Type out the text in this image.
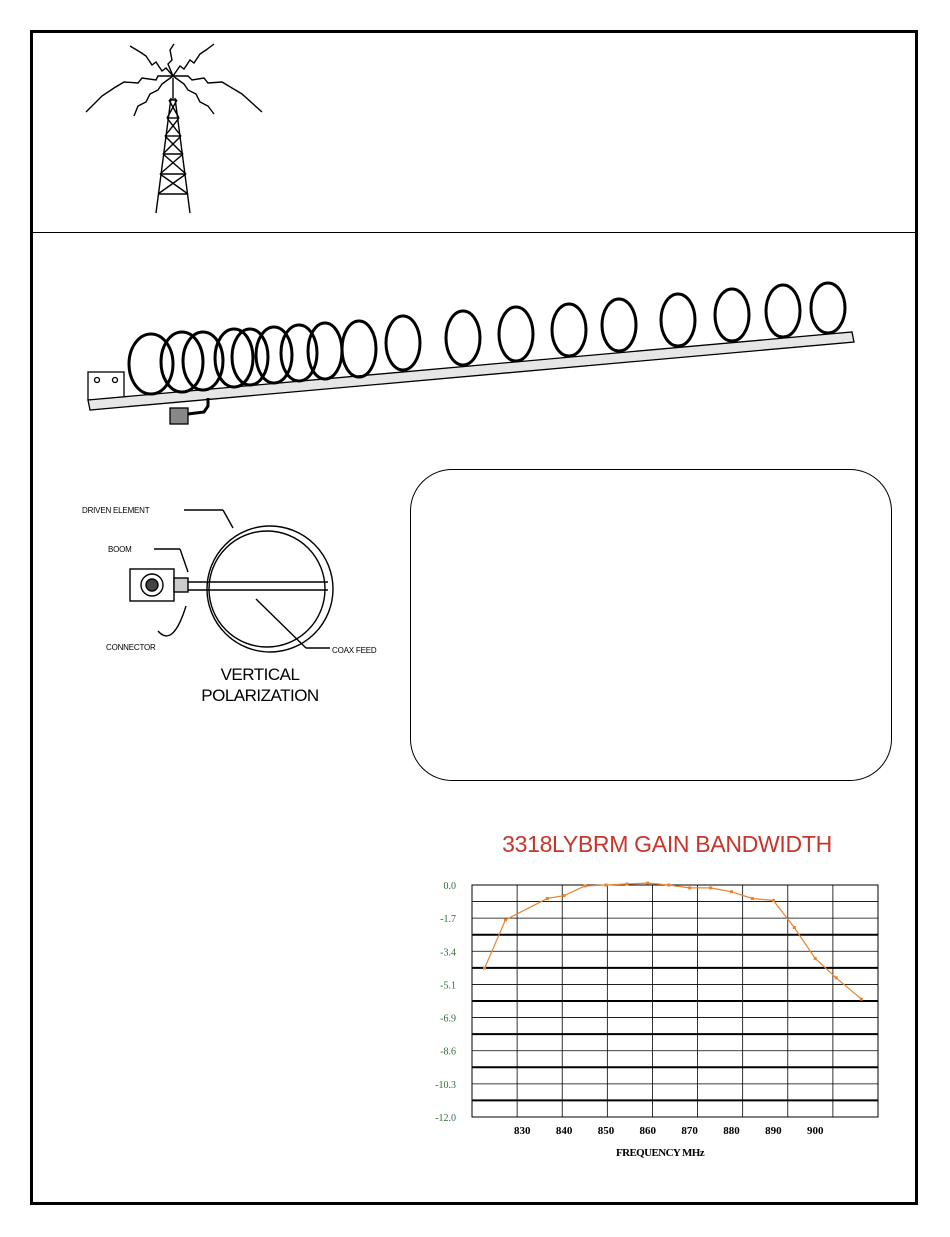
DRIVEN ELEMENT
BOOM
CONNECTOR	COAX FEED
VERTICAL
POLARIZATION
3318LYBRM GAIN BANDWIDTH
0.0
-1.7
-3.4
-5.1
-6.9
-8.6
-10.3
-12.0
830 840 850 860 870 880 890 900
FREQUENCY MHz
